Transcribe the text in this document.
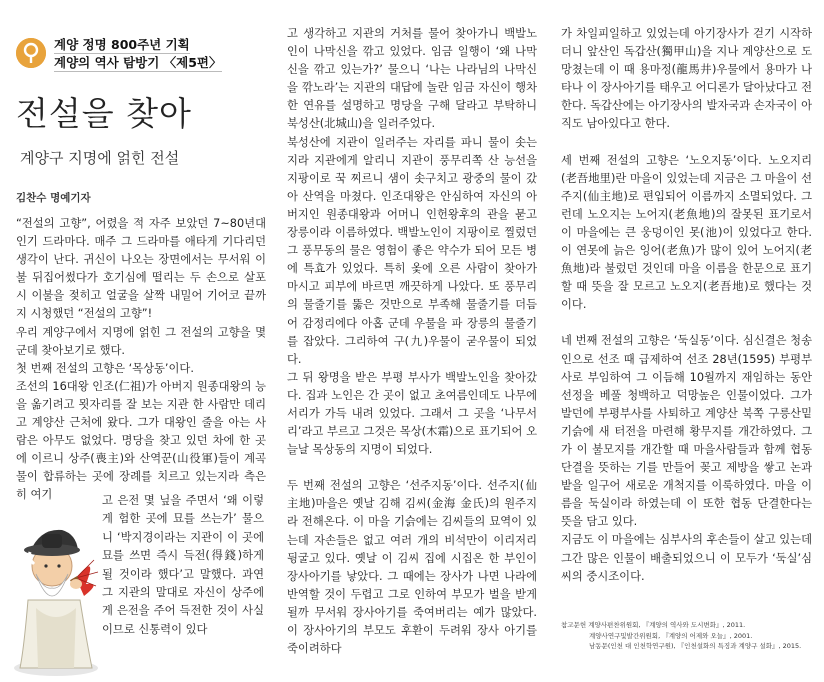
계양 정명 800주년 기획
계양의 역사 탐방기 〈제5편〉
전설을 찾아
계양구 지명에 얽힌 전설
김찬수 명예기자

“전설의 고향”, 어렸을 적 자주 보았던 7~80년대 인기 드라마다. 매주 그 드라마를 애타게 기다리던 생각이 난다. 귀신이 나오는 장면에서는 무서워 이불 뒤집어썼다가 호기심에 떨리는 두 손으로 살포시 이불을 젖히고 얼굴을 살짝 내밀어 기어코 끝까지 시청했던 “전설의 고향”!

우리 계양구에서 지명에 얽힌 그 전설의 고향을 몇 군데 찾아보기로 했다.

첫 번째 전설의 고향은 ‘목상동’이다.

조선의 16대왕 인조(仁祖)가 아버지 원종대왕의 능을 옮기려고 묏자리를 잘 보는 지관 한 사람만 데리고 계양산 근처에 왔다. 그가 대왕인 줄을 아는 사람은 아무도 없었다. 명당을 찾고 있던 차에 한 곳에 이르니 상주(喪主)와 산역꾼(山役軍)들이 계곡 물이 합류하는 곳에 장례를 치르고 있는지라 측은히 여기	고 은전 몇 닢을 주면서 ‘왜 이렇게 험한 곳에 묘를 쓰는가’ 물으니 ‘박지경이라는 지관이 이 곳에 묘를 쓰면 즉시 득전(得錢)하게 될 것이라 했다’고 말했다. 과연 그 지관의 말대로 자신이 상주에게 은전을 주어 득전한 것이 사실이므로 신통력이 있다

고 생각하고 지관의 거처를 물어 찾아가니 백발노인이 나막신을 깎고 있었다. 임금 일행이 ‘왜 나막신을 깎고 있는가?’ 물으니 ‘나는 나라님의 나막신을 깎노라’는 지관의 대답에 놀란 임금 자신이 행차한 연유를 설명하고 명당을 구해 달라고 부탁하니 북성산(北城山)을 일러주었다.

북성산에 지관이 일러주는 자리를 파니 물이 솟는지라 지관에게 알리니 지관이 풍무리쪽 산 능선을 지팡이로 꾹 찌르니 샘이 솟구치고 광중의 물이 갔아 산역을 마쳤다. 인조대왕은 안심하여 자신의 아버지인 원종대왕과 어머니 인헌왕후의 관을 묻고 장릉이라 이름하였다. 백발노인이 지팡이로 찔렀던 그 풍무동의 물은 영험이 좋은 약수가 되어 모든 병에 특효가 있었다. 특히 옻에 오른 사람이 찾아가 마시고 피부에 바르면 깨끗하게 나았다. 또 풍무리의 물줄기를 뚫은 것만으로 부족해 물줄기를 더듬어 감정리에다 아홉 군데 우물을 파 장릉의 물줄기를 잡았다. 그리하여 구(九)우물이 굳우물이 되었다.

그 뒤 왕명을 받은 부평 부사가 백발노인을 찾아갔다. 집과 노인은 간 곳이 없고 초여름인데도 나무에 서리가 가득 내려 있었다. 그래서 그 곳을 ‘나무서리’라고 부르고 그것은 목상(木霜)으로 표기되어 오늘날 목상동의 지명이 되었다.

두 번째 전설의 고향은 ‘선주지동’이다. 선주지(仙主地)마을은 옛날 김해 김씨(金海 金氏)의 원주지라 전해온다. 이 마을 기슭에는 김씨들의 묘역이 있는데 자손들은 없고 여러 개의 비석만이 이리저리 뒹굴고 있다. 옛날 이 김씨 집에 시집온 한 부인이 장사아기를 낳았다. 그 때에는 장사가 나면 나라에 반역할 것이 두렵고 그로 인하여 부모가 벌을 받게 될까 무서워 장사아기를 죽여버리는 예가 많았다. 이 장사아기의 부모도 후환이 두려워 장사 아기를 죽이려하다

가 차일피일하고 있었는데 아기장사가 걷기 시작하더니 앞산인 독갑산(獨甲山)을 지나 계양산으로 도망쳤는데 이 때 용마정(龍馬井)우물에서 용마가 나타나 이 장사아기를 태우고 어디론가 달아났다고 전한다. 독갑산에는 아기장사의 발자국과 손자국이 아직도 남아있다고 한다.

세 번째 전설의 고향은 ‘노오지동’이다. 노오지리(老吾地里)란 마을이 있었는데 지금은 그 마을이 선주지(仙主地)로 편입되어 이름까지 소멸되었다. 그런데 노오지는 노어지(老魚地)의 잘못된 표기로서 이 마을에는 큰 웅덩이인 못(池)이 있었다고 한다. 이 연못에 늙은 잉어(老魚)가 많이 있어 노어지(老魚地)라 불렀던 것인데 마을 이름을 한문으로 표기할 때 뜻을 잘 모르고 노오지(老吾地)로 했다는 것이다.

네 번째 전설의 고향은 ‘둑실동’이다. 심신결은 청송인으로 선조 때 급제하여 선조 28년(1595) 부평부사로 부임하여 그 이듬해 10월까지 재임하는 동안 선정을 베풀 청백하고 덕망높은 인물이었다. 그가 발던에 부평부사를 사퇴하고 계양산 북쪽 구릉산밑 기슭에 새 터전을 마련해 황무지를 개간하였다. 그가 이 불모지를 개간할 때 마을사람들과 함께 협동단결을 뜻하는 기를 만들어 꽂고 제방을 쌓고 논과 밭을 일구어 새로운 개척지를 이룩하였다. 마을 이름을 둑실이라 하였는데 이 또한 협동 단결한다는 뜻을 담고 있다.

지금도 이 마을에는 심부사의 후손들이 살고 있는데 그간 많은 인물이 배출되었으니 이 모두가 ‘둑실’심씨의 중시조이다.

참고문헌 계양사편찬위원회, 『계양의 역사와 도시변화』, 2011.
계양사연구및발간위원회, 『계양의 어제와 오늘』, 2001.
남동문(인천 대 인천학연구원), 『인천설화의 특징과 계양구 설화』, 2015.
